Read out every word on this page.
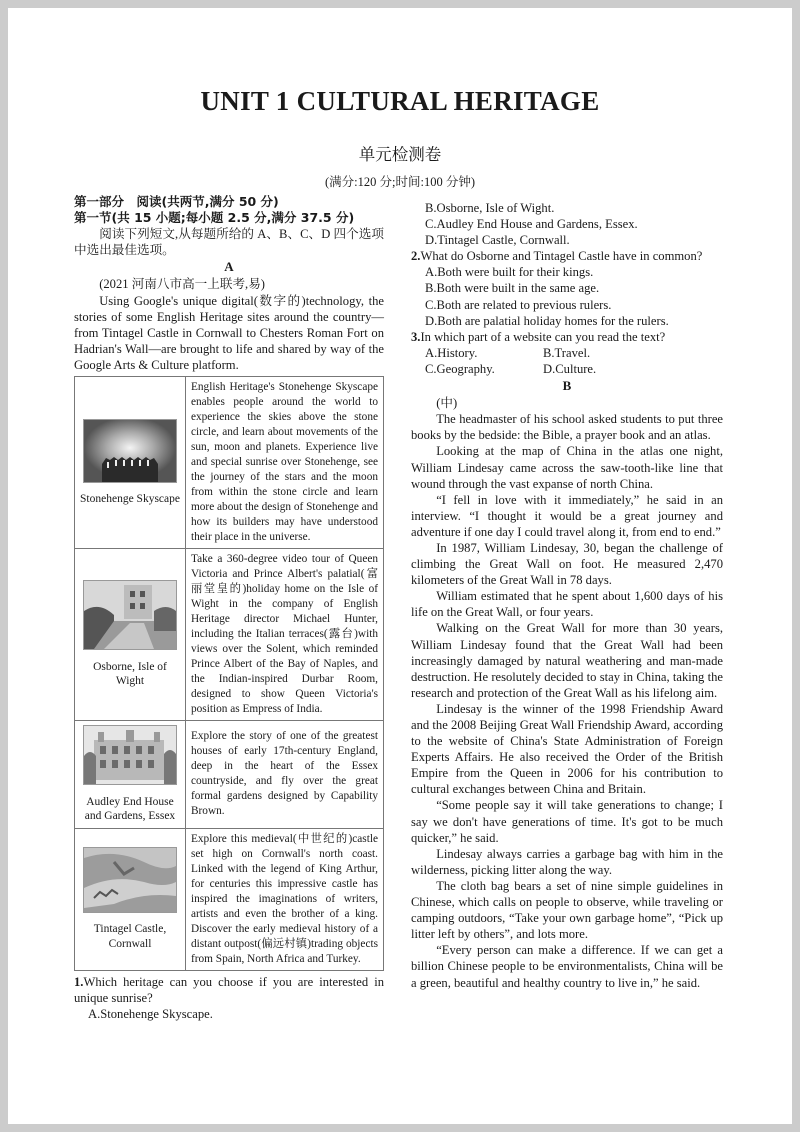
UNIT 1 CULTURAL HERITAGE
单元检测卷
(满分:120 分;时间:100 分钟)
第一部分　阅读(共两节,满分 50 分)
第一节(共 15 小题;每小题 2.5 分,满分 37.5 分)

阅读下列短文,从每题所给的 A、B、C、D 四个选项中选出最佳选项。

A

(2021 河南八市高一上联考,易)

Using Google's unique digital(数字的)technology, the stories of some English Heritage sites around the country—from Tintagel Castle in Cornwall to Chesters Roman Fort on Hadrian's Wall—are brought to life and shared by way of the Google Arts & Culture platform.

Stonehenge Skyscape	English Heritage's Stonehenge Skyscape enables people around the world to experience the skies above the stone circle, and learn about movements of the sun, moon and planets. Experience live and special sunrise over Stonehenge, see the journey of the stars and the moon from within the stone circle and learn more about the design of Stonehenge and how its builders may have understood their place in the universe.

Osborne, Isle of Wight	Take a 360-degree video tour of Queen Victoria and Prince Albert's palatial(富丽堂皇的)holiday home on the Isle of Wight in the company of English Heritage director Michael Hunter, including the Italian terraces(露台)with views over the Solent, which reminded Prince Albert of the Bay of Naples, and the Indian-inspired Durbar Room, designed to show Queen Victoria's position as Empress of India.

Audley End House and Gardens, Essex	Explore the story of one of the greatest houses of early 17th-century England, deep in the heart of the Essex countryside, and fly over the great formal gardens designed by Capability Brown.

Tintagel Castle, Cornwall	Explore this medieval(中世纪的)castle set high on Cornwall's north coast. Linked with the legend of King Arthur, for centuries this impressive castle has inspired the imaginations of writers, artists and even the brother of a king. Discover the early medieval history of a distant outpost(偏远村镇)trading objects from Spain, North Africa and Turkey.

1.Which heritage can you choose if you are interested in unique sunrise?

A.Stonehenge Skyscape.

B.Osborne, Isle of Wight.

C.Audley End House and Gardens, Essex.

D.Tintagel Castle, Cornwall.

2.What do Osborne and Tintagel Castle have in common?

A.Both were built for their kings.

B.Both were built in the same age.

C.Both are related to previous rulers.

D.Both are palatial holiday homes for the rulers.

3.In which part of a website can you read the text?

A.History.	B.Travel.
C.Geography.	D.Culture.
B

(中)

The headmaster of his school asked students to put three books by the bedside: the Bible, a prayer book and an atlas.

Looking at the map of China in the atlas one night, William Lindesay came across the saw-tooth-like line that wound through the vast expanse of north China.

“I fell in love with it immediately,” he said in an interview. “I thought it would be a great journey and adventure if one day I could travel along it, from end to end.”

In 1987, William Lindesay, 30, began the challenge of climbing the Great Wall on foot. He measured 2,470 kilometers of the Great Wall in 78 days.

William estimated that he spent about 1,600 days of his life on the Great Wall, or four years.

Walking on the Great Wall for more than 30 years, William Lindesay found that the Great Wall had been increasingly damaged by natural weathering and man-made destruction. He resolutely decided to stay in China, taking the research and protection of the Great Wall as his lifelong aim.

Lindesay is the winner of the 1998 Friendship Award and the 2008 Beijing Great Wall Friendship Award, according to the website of China's State Administration of Foreign Experts Affairs. He also received the Order of the British Empire from the Queen in 2006 for his contribution to cultural exchanges between China and Britain.

“Some people say it will take generations to change; I say we don't have generations of time. It's got to be much quicker,” he said.

Lindesay always carries a garbage bag with him in the wilderness, picking litter along the way.

The cloth bag bears a set of nine simple guidelines in Chinese, which calls on people to observe, while traveling or camping outdoors, “Take your own garbage home”, “Pick up litter left by others”, and lots more.

“Every person can make a difference. If we can get a billion Chinese people to be environmentalists, China will be a green, beautiful and healthy country to live in,” he said.
